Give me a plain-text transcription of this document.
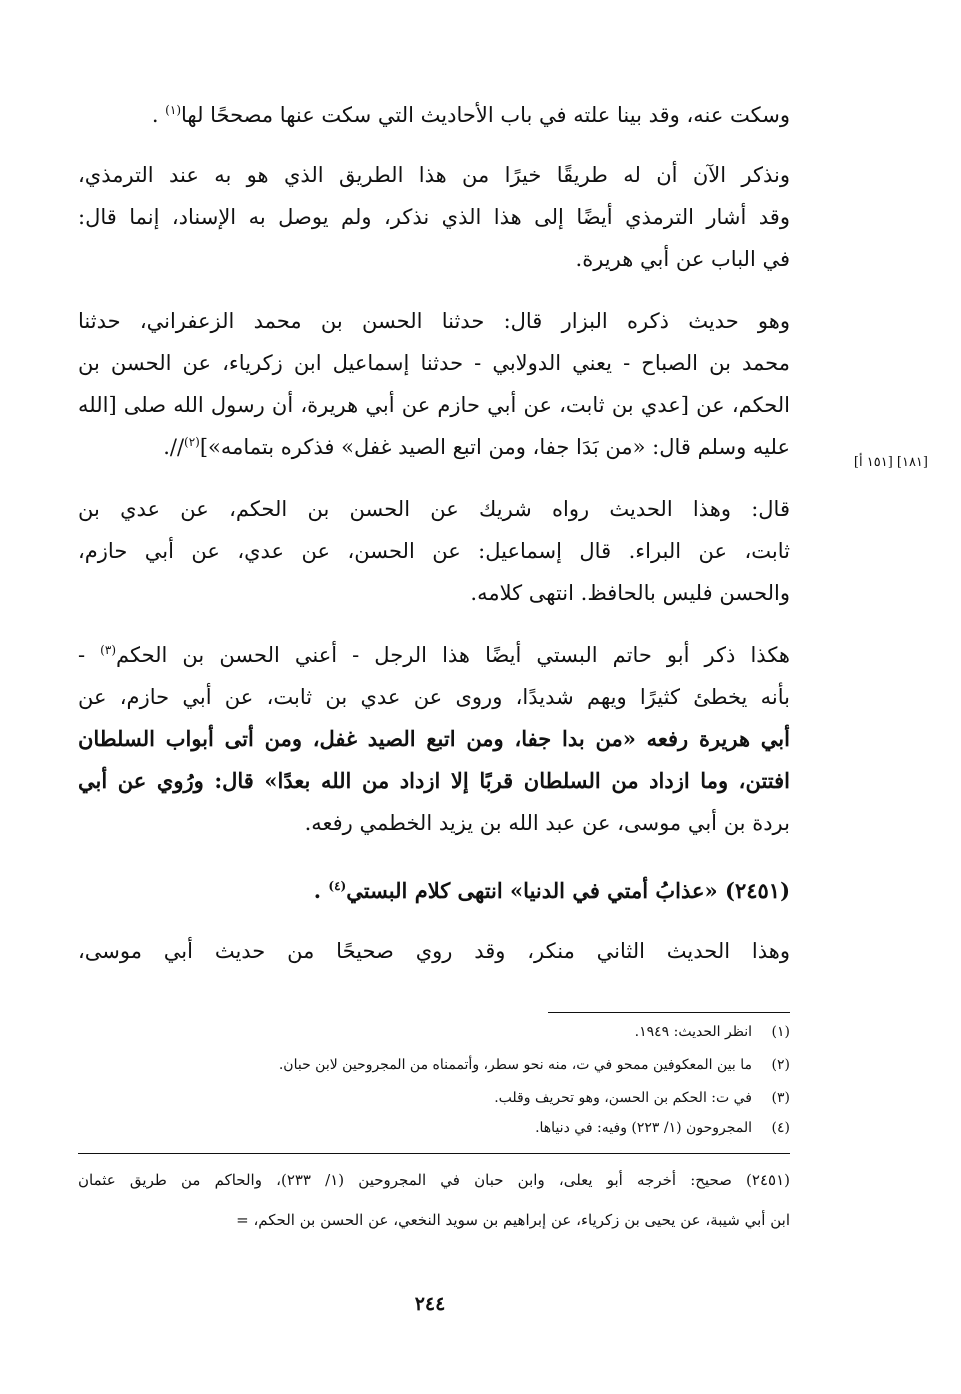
وسكت عنه، وقد بينا علته في باب الأحاديث التي سكت عنها مصححًا لها$^{(١)}$ .
ونذكر الآن أن له طريقًا خيرًا من هذا الطريق الذي هو به عند الترمذي،
وقد أشار الترمذي أيضًا إلى هذا الذي نذكر، ولم يوصل به الإسناد، إنما قال:
في الباب عن أبي هريرة.
وهو حديث ذكره البزار قال: حدثنا الحسن بن محمد الزعفراني، حدثنا
محمد بن الصباح - يعني الدولابي - حدثنا إسماعيل ابن زكرياء، عن الحسن بن
الحكم، عن [عدي بن ثابت، عن أبي حازم عن أبي هريرة، أن رسول الله صلى [الله
عليه وسلم قال: «من بَدَا جفا، ومن اتبع الصيد غفل» فذكره بتمامه»]$^{(٢)}$//.
قال: وهذا الحديث رواه شريك عن الحسن بن الحكم، عن عدي بن
ثابت، عن البراء. قال إسماعيل: عن الحسن، عن عدي، عن أبي حازم،
والحسن فليس بالحافظ. انتهى كلامه.
هكذا ذكر أبو حاتم البستي أيضًا هذا الرجل - أعني الحسن بن الحكم$^{(٣)}$ -
بأنه يخطئ كثيرًا ويهم شديدًا، وروى عن عدي بن ثابت، عن أبي حازم، عن
أبي هريرة رفعه «من بدا جفا، ومن اتبع الصيد غفل، ومن أتى أبواب السلطان
افتتن، وما ازداد من السلطان قربًا إلا ازداد من الله بعدًا» قال: ورُوي عن أبي
بردة بن أبي موسى، عن عبد الله بن يزيد الخطمي رفعه.
(٢٤٥١) «عذابُ أمتي في الدنيا» انتهى كلام البستي$^{(٤)}$ .
وهذا الحديث الثاني منكر، وقد روي صحيحًا من حديث أبي موسى،
[١٨١] [١٥١ أ]
(١)انظر الحديث: ١٩٤٩.
(٢)ما بين المعكوفين ممحو في ت، منه نحو سطر، وأتممناه من المجروحين لابن حبان.
(٣)في ت: الحكم بن الحسن، وهو تحريف وقلب.
(٤)المجروحون (١/ ٢٢٣) وفيه: في دنياها.
(٢٤٥١) صحيح: أخرجه أبو يعلى، وابن حبان في المجروحين (١/ ٢٣٣)، والحاكم من طريق عثمان
ابن أبي شيبة، عن يحيى بن زكرياء، عن إبراهيم بن سويد النخعي، عن الحسن بن الحكم، =
٢٤٤
